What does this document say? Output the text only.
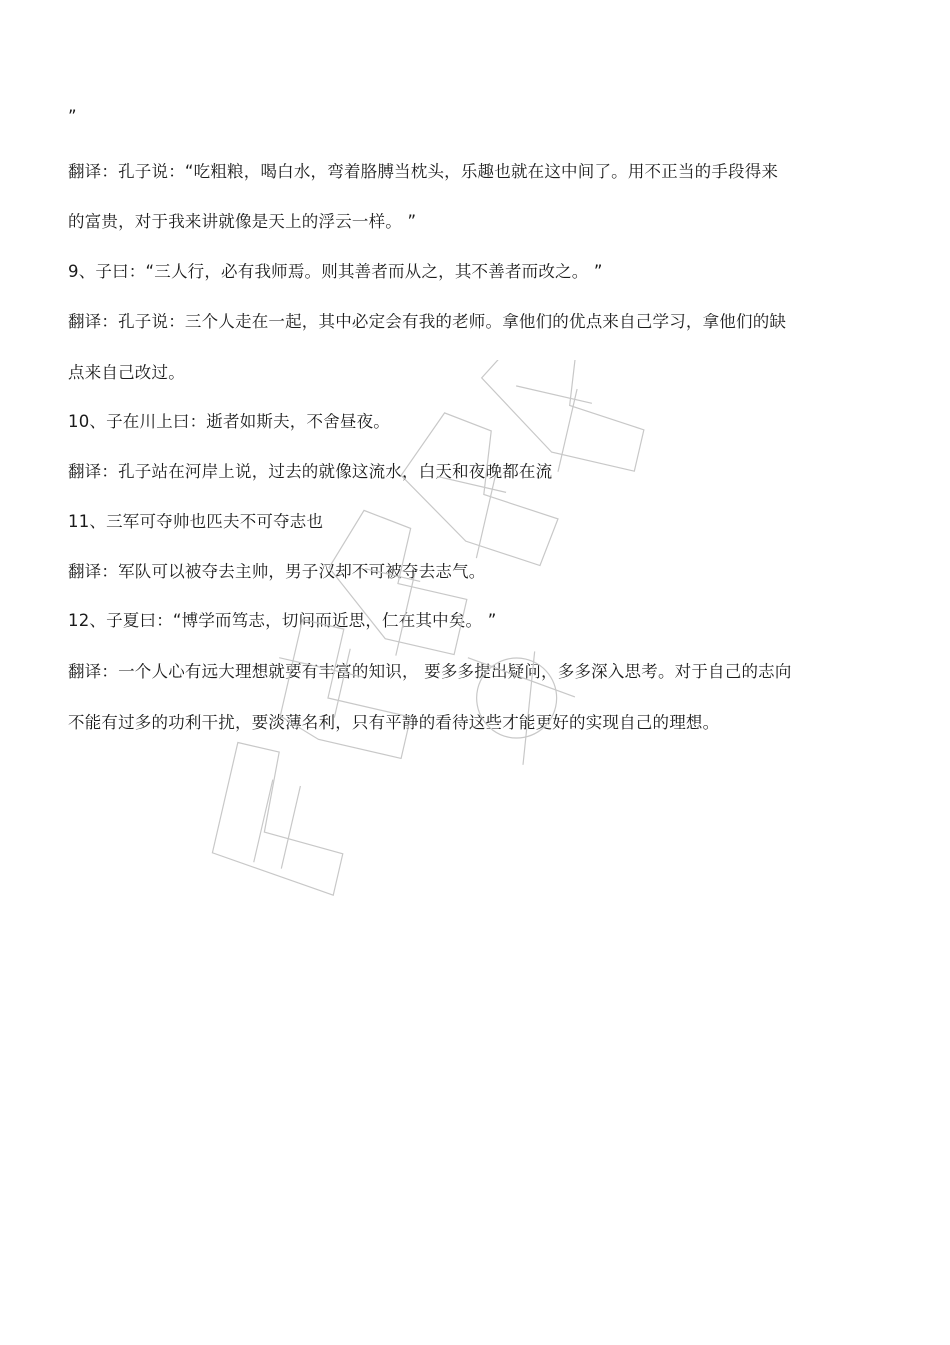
”
翻译：孔子说：“吃粗粮，喝白水，弯着胳膊当枕头，乐趣也就在这中间了。用不正当的手段得来
的富贵，对于我来讲就像是天上的浮云一样。 ”
9、子曰：“三人行，必有我师焉。则其善者而从之，其不善者而改之。 ”
翻译：孔子说：三个人走在一起，其中必定会有我的老师。拿他们的优点来自己学习，拿他们的缺
点来自己改过。
10、子在川上曰：逝者如斯夫，不舍昼夜。
翻译：孔子站在河岸上说，过去的就像这流水，白天和夜晚都在流
11、三军可夺帅也匹夫不可夺志也
翻译：军队可以被夺去主帅，男子汉却不可被夺去志气。
12、子夏曰：“博学而笃志，切问而近思，仁在其中矣。 ”
翻译：一个人心有远大理想就要有丰富的知识， 要多多提出疑问，多多深入思考。对于自己的志向
不能有过多的功利干扰，要淡薄名利，只有平静的看待这些才能更好的实现自己的理想。
